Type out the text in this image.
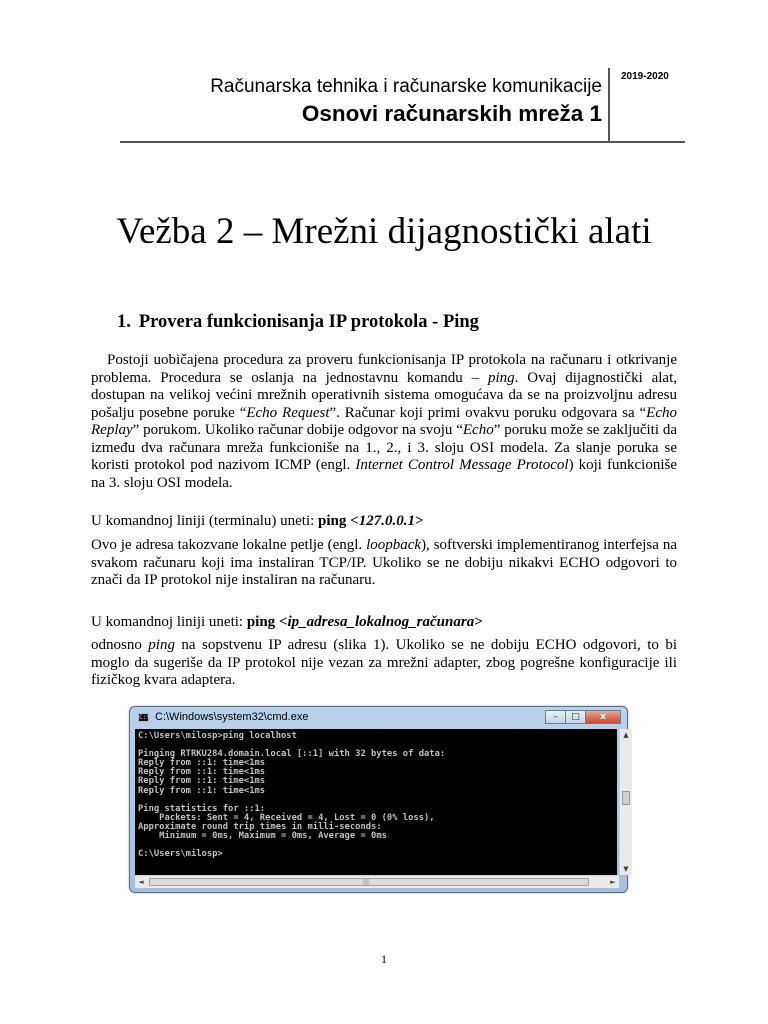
Računarska tehnika i računarske komunikacije

Osnovi računarskih mreža 1

2019-2020
Vežba 2 – Mrežni dijagnostički alati
1. Provera funkcionisanja IP protokola - Ping

Postoji uobičajena procedura za proveru funkcionisanja IP protokola na računaru i otkrivanje problema. Procedura se oslanja na jednostavnu komandu – ping. Ovaj dijagnostički alat, dostupan na velikoj većini mrežnih operativnih sistema omogućava da se na proizvoljnu adresu pošalju posebne poruke “Echo Request”. Računar koji primi ovakvu poruku odgovara sa “Echo Replay” porukom. Ukoliko računar dobije odgovor na svoju “Echo” poruku može se zaključiti da između dva računara mreža funkcioniše na 1., 2., i 3. sloju OSI modela. Za slanje poruka se koristi protokol pod nazivom ICMP (engl. Internet Control Message Protocol) koji funkcioniše na 3. sloju OSI modela.

U komandnoj liniji (terminalu) uneti: ping <127.0.0.1>

Ovo je adresa takozvane lokalne petlje (engl. loopback), softverski implementiranog interfejsa na svakom računaru koji ima instaliran TCP/IP. Ukoliko se ne dobiju nikakvi ECHO odgovori to znači da IP protokol nije instaliran na računaru.

U komandnoj liniji uneti: ping <ip_adresa_lokalnog_računara>

odnosno ping na sopstvenu IP adresu (slika 1). Ukoliko se ne dobiju ECHO odgovori, to bi moglo da sugeriše da IP protokol nije vezan za mrežni adapter, zbog pogrešne konfiguracije ili fizičkog kvara adaptera.

C:\ C:\Windows\system32\cmd.exe	–	□	x
C:\Users\milosp>ping localhost

Pinging RTRKU284.domain.local [::1] with 32 bytes of data:
Reply from ::1: time<1ms
Reply from ::1: time<1ms
Reply from ::1: time<1ms
Reply from ::1: time<1ms

Ping statistics for ::1:
Packets: Sent = 4, Received = 4, Lost = 0 (0% loss),
Approximate round trip times in milli-seconds:
Minimum = 0ms, Maximum = 0ms, Average = 0ms

C:\Users\milosp>
▲
▼
◄	|||	►
1
